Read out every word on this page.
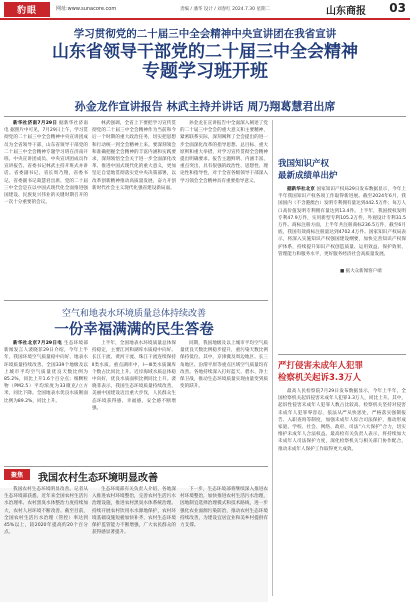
豹眼	网址:www.sunacore.com	责编 / 潘华 设计 / 刘春红 2024.7.30 星期二	山东商报 03
学习贯彻党的二十届三中全会精神中央宣讲团在我省宣讲
山东省领导干部党的二十届三中全会精神
专题学习班开班
孙金龙作宣讲报告 林武主持并讲话 周乃翔葛慧君出席

新华社济南7月29日 据新华社济南电 据照片中可见，7月29日上午，学习贯彻党的二十届三中全会精神中央宣讲团成员为全省领导干部，山东省领导干部党的二十届三中全会精神专题学习班在济南开班。中央宣讲团成员、中央宣讲团成员作宣讲报告。省委书记林武主持开班式并讲话。省委副书记、省长周乃翔，省委书记、省委副书记葛慧君出席。党的二十届三中全会是在以中国式现代化全面推进强国建设、民族复兴伟业的关键时期召开的一次十分重要的会议。

林武强调，全省上下要把学习宣传贯彻党的二十届三中全会精神作为当前和今后一个时期的重大政治任务，切实把思想和行动统一到全会精神上来。要深刻领会和准确把握全会精神的丰富内涵和实践要求，深刻领悟全会关于进一步全面深化改革、推进中国式现代化的重大意义，更加坚定自觉地贯彻落实党中央决策部署，以改革创新精神推动高质量发展，奋力开创新时代社会主义现代化强省建设新局面。

孙金龙在宣讲报告中全面深入阐述了党的二十届三中全会的重大意义和主要精神，紧密联系实际，深刻阐释了全会提出的进一步全面深化改革的指导思想、总目标、重大原则和重大举措，对学习宣传贯彻全会精神提出明确要求。报告主题鲜明、内涵丰富、重点突出，具有很强的政治性、思想性、理论性和指导性，对于全省各级领导干部深入学习领会全会精神具有重要指导意义。

■ 据大众新闻客户端
我国知识产权
最新成绩单出炉

据新华社北京 国家知识产权局29日发布数据显示，今年上半年我国知识产权各项工作取得新进展。截至2024年6月，我国国内（不含港澳台）发明专利拥有量达到442.5万件；每万人口高价值发明专利拥有量达到13.4件。上半年，我国授权发明专利47.9万件，实用新型专利105.2万件，外观设计专利31.5万件。商标注册方面，上半年共注册商标236.5万件，截至6月底，我国有效商标注册量达到4702.4万件。国家知识产权局表示，将深入实施知识产权强国建设纲要，加快完善知识产权保护体系，持续提升知识产权创造质量、运用效益、保护效果、管理能力和服务水平，更好服务经济社会高质量发展。

严打侵害未成年人犯罪
检察机关起诉3.3万人

最高人民检察院7月29日发布数据显示，今年上半年，全国检察机关起诉侵害未成年人犯罪3.3万人，同比上升。其中，起诉性侵害未成年人犯罪人数占比较高。检察机关坚持对侵害未成年人犯罪零容忍，依法从严从快惩处，严格落实强制报告、入职查询等制度，加强未成年人综合司法保护，推动形成家庭、学校、社会、网络、政府、司法“六大保护”合力，切实维护未成年人合法权益。最高检有关负责人表示，将持续加大未成年人司法保护力度，深化检察机关与相关部门协作配合，推动未成年人保护工作取得更大成效。

空气和地表水环境质量总体持续改善
一份幸福满满的民生答卷

新华社北京7月29日电 生态环境部新闻发言人裴晓菲29日介绍，今年上半年，我国环境空气质量稳中向好，地表水环境质量持续改善。全国339个地级及以上城市平均空气质量优良天数比例为85.2%，同比上升1.6个百分点；细颗粒物（PM2.5）平均浓度为33微克/立方米，同比下降。全国地表水优良水质断面比例为89.2%，同比上升。

上半年，全国地表水环境质量总体保持稳定，主要江河和湖库水质稳中向好。长江干流、黄河干流、珠江干流连续保持Ⅱ类水质。重点湖库中，Ⅰ—Ⅲ类水质湖库个数占比同比上升。近岸海域水质总体稳中向好，优良水质面积比例同比上升。裴晓菲表示，我国生态环境质量持续改善，美丽中国建设迈出重大步伐，人民群众生态环境获得感、幸福感、安全感不断增强。

同期，我国地级及以上城市平均空气质量优良天数比例稳步提升，重污染天数比例保持低位。其中，京津冀及周边地区、长三角地区、汾渭平原等重点区域空气质量均有改善。各地持续深入打好蓝天、碧水、净土保卫战，推动生态环境质量实现由量变到质变的跃升。

聚焦	我国农村生态环境明显改善

我国农村生态环境明显改善。记者从生态环境部获悉，近年来全国农村生活污水治理率、农村黑臭水体整治力度持续加大，农村人居环境不断改善。截至目前，全国农村生活污水治理（管控）率达到45%以上，较2020年提高约20个百分点。

生态环境部有关负责人介绍，各地深入推进农村环境整治，完善农村生活污水治理设施，推进农村黑臭水体系统治理。持续开展农村饮用水水源地保护，农村环境基础设施短板加快补齐，农村生态环境保护监管能力不断增强，广大农民群众的获得感显著提升。

下一步，生态环境部将继续深入推进农村环境整治，加快推进农村生活污水治理，因地制宜选择治理模式和技术路线，进一步强化农业面源污染防治，推动农村生态环境持续改善，为建设宜居宜业和美乡村提供有力支撑。
